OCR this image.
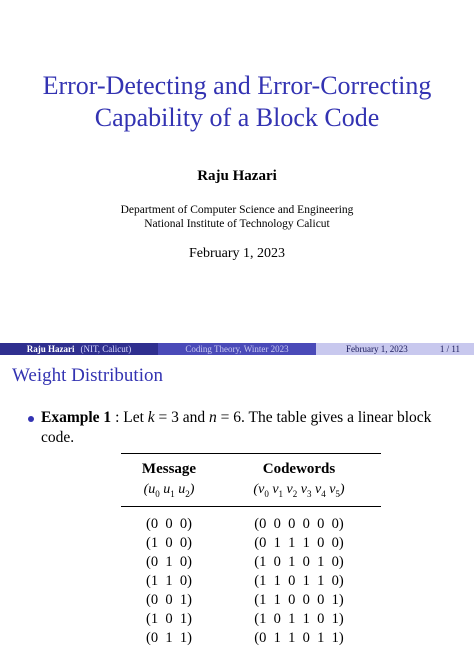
Error-Detecting and Error-Correcting
Capability of a Block Code
Raju Hazari
Department of Computer Science and Engineering
National Institute of Technology Calicut
February 1, 2023
Raju Hazari (NIT, Calicut)	Coding Theory, Winter 2023	February 1, 2023	1 / 11
Weight Distribution
Example 1 : Let k = 3 and n = 6. The table gives a linear block code.
Message	Codewords
($u_0$ $u_1$ $u_2$)	($v_0$ $v_1$ $v_2$ $v_3$ $v_4$ $v_5$)
(0  0  0)	(0  0  0  0  0  0)
(1  0  0)	(0  1  1  1  0  0)
(0  1  0)	(1  0  1  0  1  0)
(1  1  0)	(1  1  0  1  1  0)
(0  0  1)	(1  1  0  0  0  1)
(1  0  1)	(1  0  1  1  0  1)
(0  1  1)	(0  1  1  0  1  1)
